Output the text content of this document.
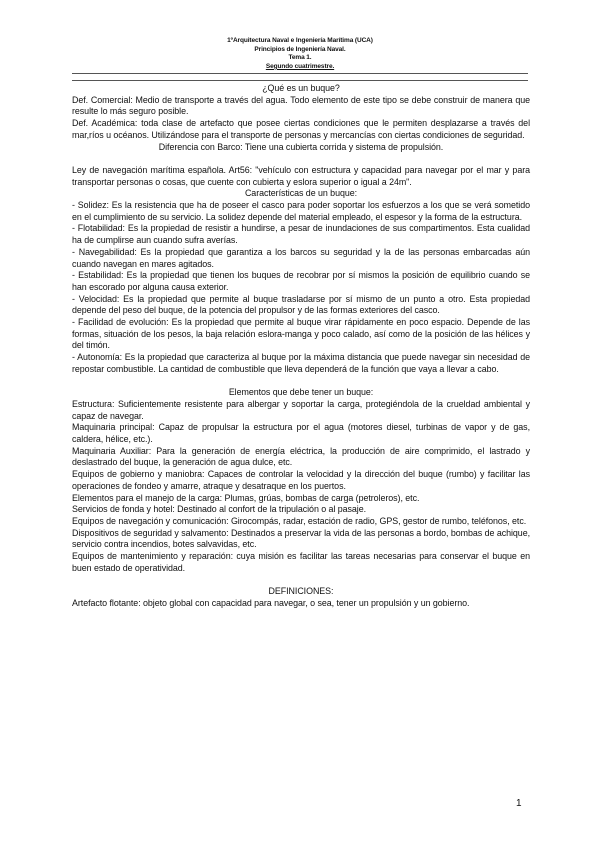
1ºArquitectura Naval e Ingeniería Marítima (UCA)
Principios de Ingeniería Naval.
Tema 1.
Segundo cuatrimestre.

¿Qué es un buque?

Def. Comercial: Medio de transporte a través del agua. Todo elemento de este tipo se debe construir de manera que resulte lo más seguro posible.

Def. Académica: toda clase de artefacto que posee ciertas condiciones que le permiten desplazarse a través del mar,ríos u océanos. Utilizándose para el transporte de personas y mercancías con ciertas condiciones de seguridad.

Diferencia con Barco: Tiene una cubierta corrida y sistema de propulsión.

Ley de navegación marítima española. Art56: "vehículo con estructura y capacidad para navegar por el mar y para transportar personas o cosas, que cuente con cubierta y eslora superior o igual a 24m".

Características de un buque:

- Solidez: Es la resistencia que ha de poseer el casco para poder soportar los esfuerzos a los que se verá sometido en el cumplimiento de su servicio. La solidez depende del material empleado, el espesor y la forma de la estructura.

- Flotabilidad: Es la propiedad de resistir a hundirse, a pesar de inundaciones de sus compartimentos. Esta cualidad ha de cumplirse aun cuando sufra averías.

- Navegabilidad: Es la propiedad que garantiza a los barcos su seguridad y la de las personas embarcadas aún cuando navegan en mares agitados.

- Estabilidad: Es la propiedad que tienen los buques de recobrar por sí mismos la posición de equilibrio cuando se han escorado por alguna causa exterior.

- Velocidad: Es la propiedad que permite al buque trasladarse por sí mismo de un punto a otro. Esta propiedad depende del peso del buque, de la potencia del propulsor y de las formas exteriores del casco.

- Facilidad de evolución: Es la propiedad que permite al buque virar rápidamente en poco espacio. Depende de las formas, situación de los pesos, la baja relación eslora-manga y poco calado, así como de la posición de las hélices y del timón.

- Autonomía: Es la propiedad que caracteriza al buque por la máxima distancia que puede navegar sin necesidad de repostar combustible. La cantidad de combustible que lleva dependerá de la función que vaya a llevar a cabo.

Elementos que debe tener un buque:

Estructura: Suficientemente resistente para albergar y soportar la carga, protegiéndola de la crueldad ambiental y capaz de navegar.

Maquinaria principal: Capaz de propulsar la estructura por el agua (motores diesel, turbinas de vapor y de gas, caldera, hélice, etc.).

Maquinaria Auxiliar: Para la generación de energía eléctrica, la producción de aire comprimido, el lastrado y deslastrado del buque, la generación de agua dulce, etc.

Equipos de gobierno y maniobra: Capaces de controlar la velocidad y la dirección del buque (rumbo) y facilitar las operaciones de fondeo y amarre, atraque y desatraque en los puertos.

Elementos para el manejo de la carga: Plumas, grúas, bombas de carga (petroleros), etc.

Servicios de fonda y hotel: Destinado al confort de la tripulación o al pasaje.

Equipos de navegación y comunicación: Girocompás, radar, estación de radio, GPS, gestor de rumbo, teléfonos, etc.

Dispositivos de seguridad y salvamento: Destinados a preservar la vida de las personas a bordo, bombas de achique, servicio contra incendios, botes salvavidas, etc.

Equipos de mantenimiento y reparación: cuya misión es facilitar las tareas necesarias para conservar el buque en buen estado de operatividad.

DEFINICIONES:

Artefacto flotante: objeto global con capacidad para navegar, o sea, tener un propulsión y un gobierno.

1
